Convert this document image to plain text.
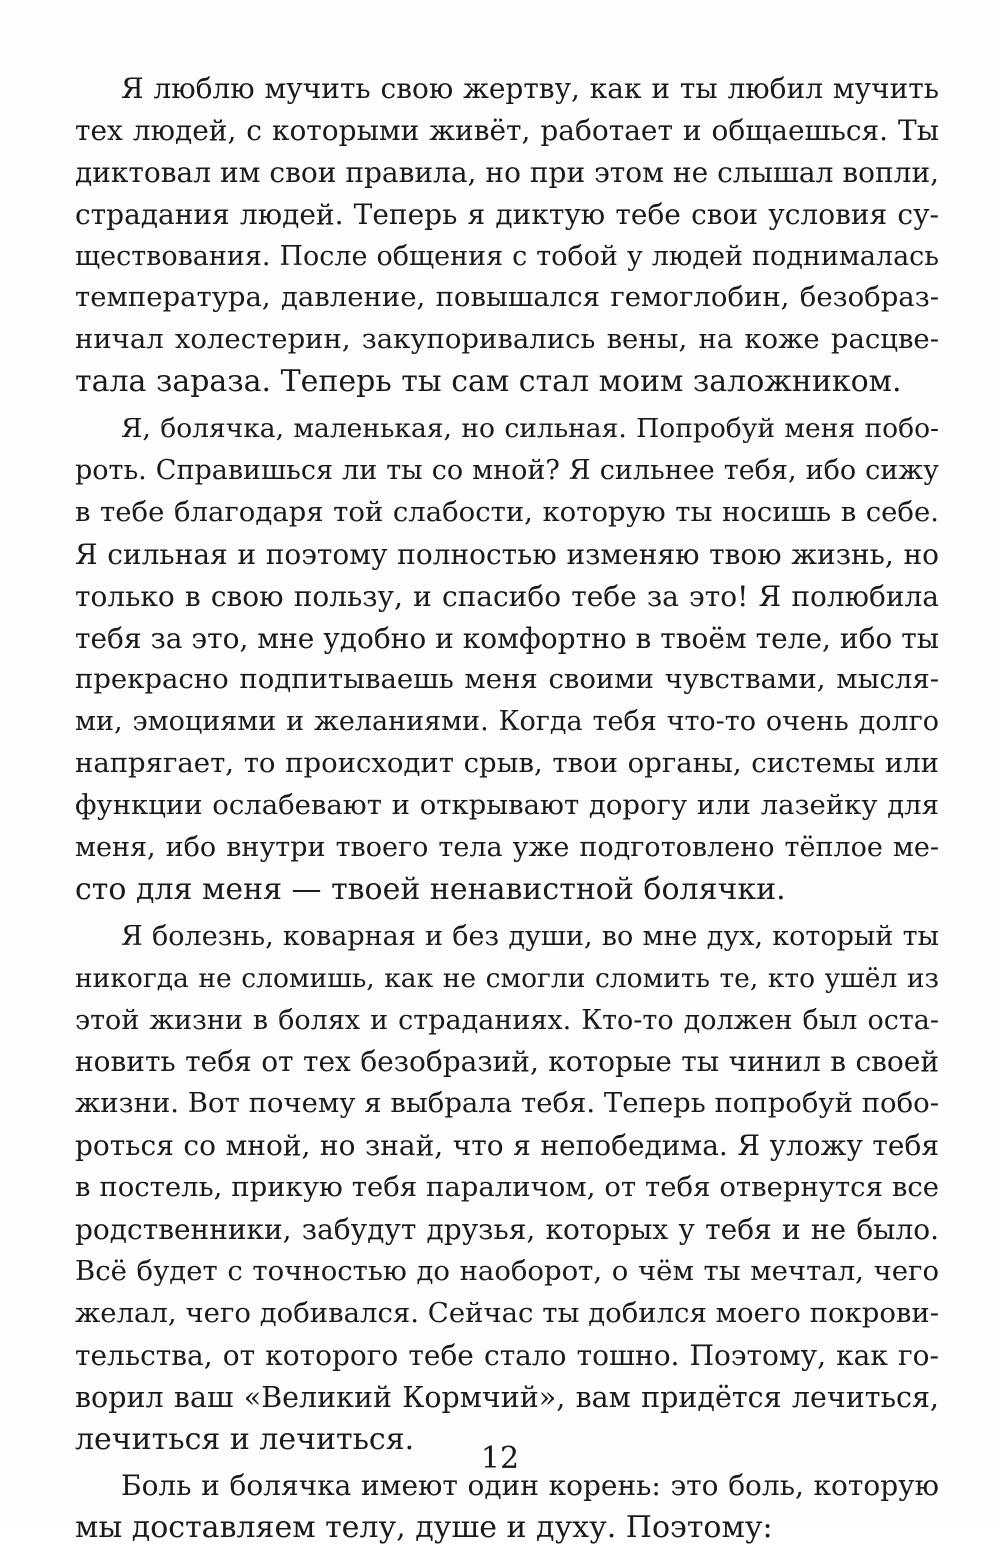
Я люблю мучить свою жертву, как и ты любил мучить
тех людей, с которыми живёт, работает и общаешься. Ты
диктовал им свои правила, но при этом не слышал вопли,
страдания людей. Теперь я диктую тебе свои условия су-
ществования. После общения с тобой у людей поднималась
температура, давление, повышался гемоглобин, безобраз-
ничал холестерин, закупоривались вены, на коже расцве-
тала зараза. Теперь ты сам стал моим заложником.
Я, болячка, маленькая, но сильная. Попробуй меня побо-
роть. Справишься ли ты со мной? Я сильнее тебя, ибо сижу
в тебе благодаря той слабости, которую ты носишь в себе.
Я сильная и поэтому полностью изменяю твою жизнь, но
только в свою пользу, и спасибо тебе за это! Я полюбила
тебя за это, мне удобно и комфортно в твоём теле, ибо ты
прекрасно подпитываешь меня своими чувствами, мысля-
ми, эмоциями и желаниями. Когда тебя что-то очень долго
напрягает, то происходит срыв, твои органы, системы или
функции ослабевают и открывают дорогу или лазейку для
меня, ибо внутри твоего тела уже подготовлено тёплое ме-
сто для меня — твоей ненавистной болячки.
Я болезнь, коварная и без души, во мне дух, который ты
никогда не сломишь, как не смогли сломить те, кто ушёл из
этой жизни в болях и страданиях. Кто-то должен был оста-
новить тебя от тех безобразий, которые ты чинил в своей
жизни. Вот почему я выбрала тебя. Теперь попробуй побо-
роться со мной, но знай, что я непобедима. Я уложу тебя
в постель, прикую тебя параличом, от тебя отвернутся все
родственники, забудут друзья, которых у тебя и не было.
Всё будет с точностью до наоборот, о чём ты мечтал, чего
желал, чего добивался. Сейчас ты добился моего покрови-
тельства, от которого тебе стало тошно. Поэтому, как го-
ворил ваш «Великий Кормчий», вам придётся лечиться,
лечиться и лечиться.
Боль и болячка имеют один корень: это боль, которую
мы доставляем телу, душе и духу. Поэтому:
12
